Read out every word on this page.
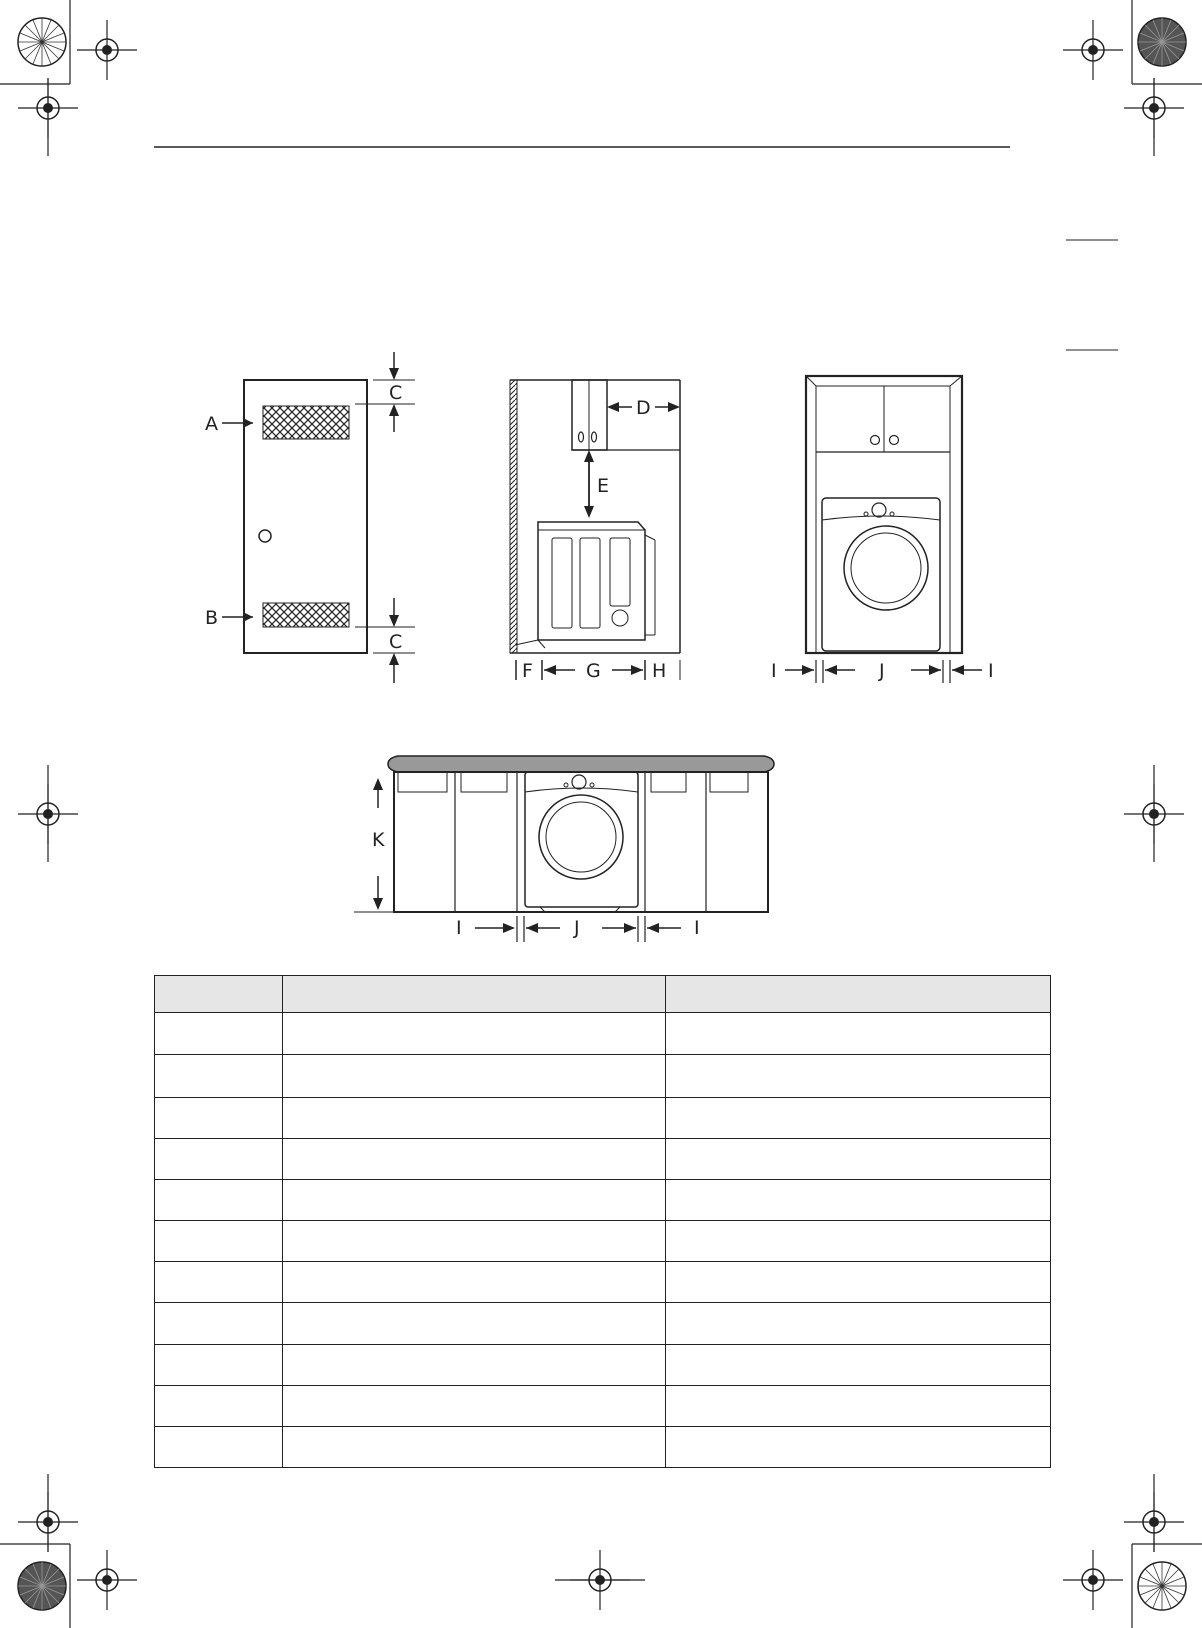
A
B
C
C
D
E
F	G	H	I	J	I
K
I	J	I
